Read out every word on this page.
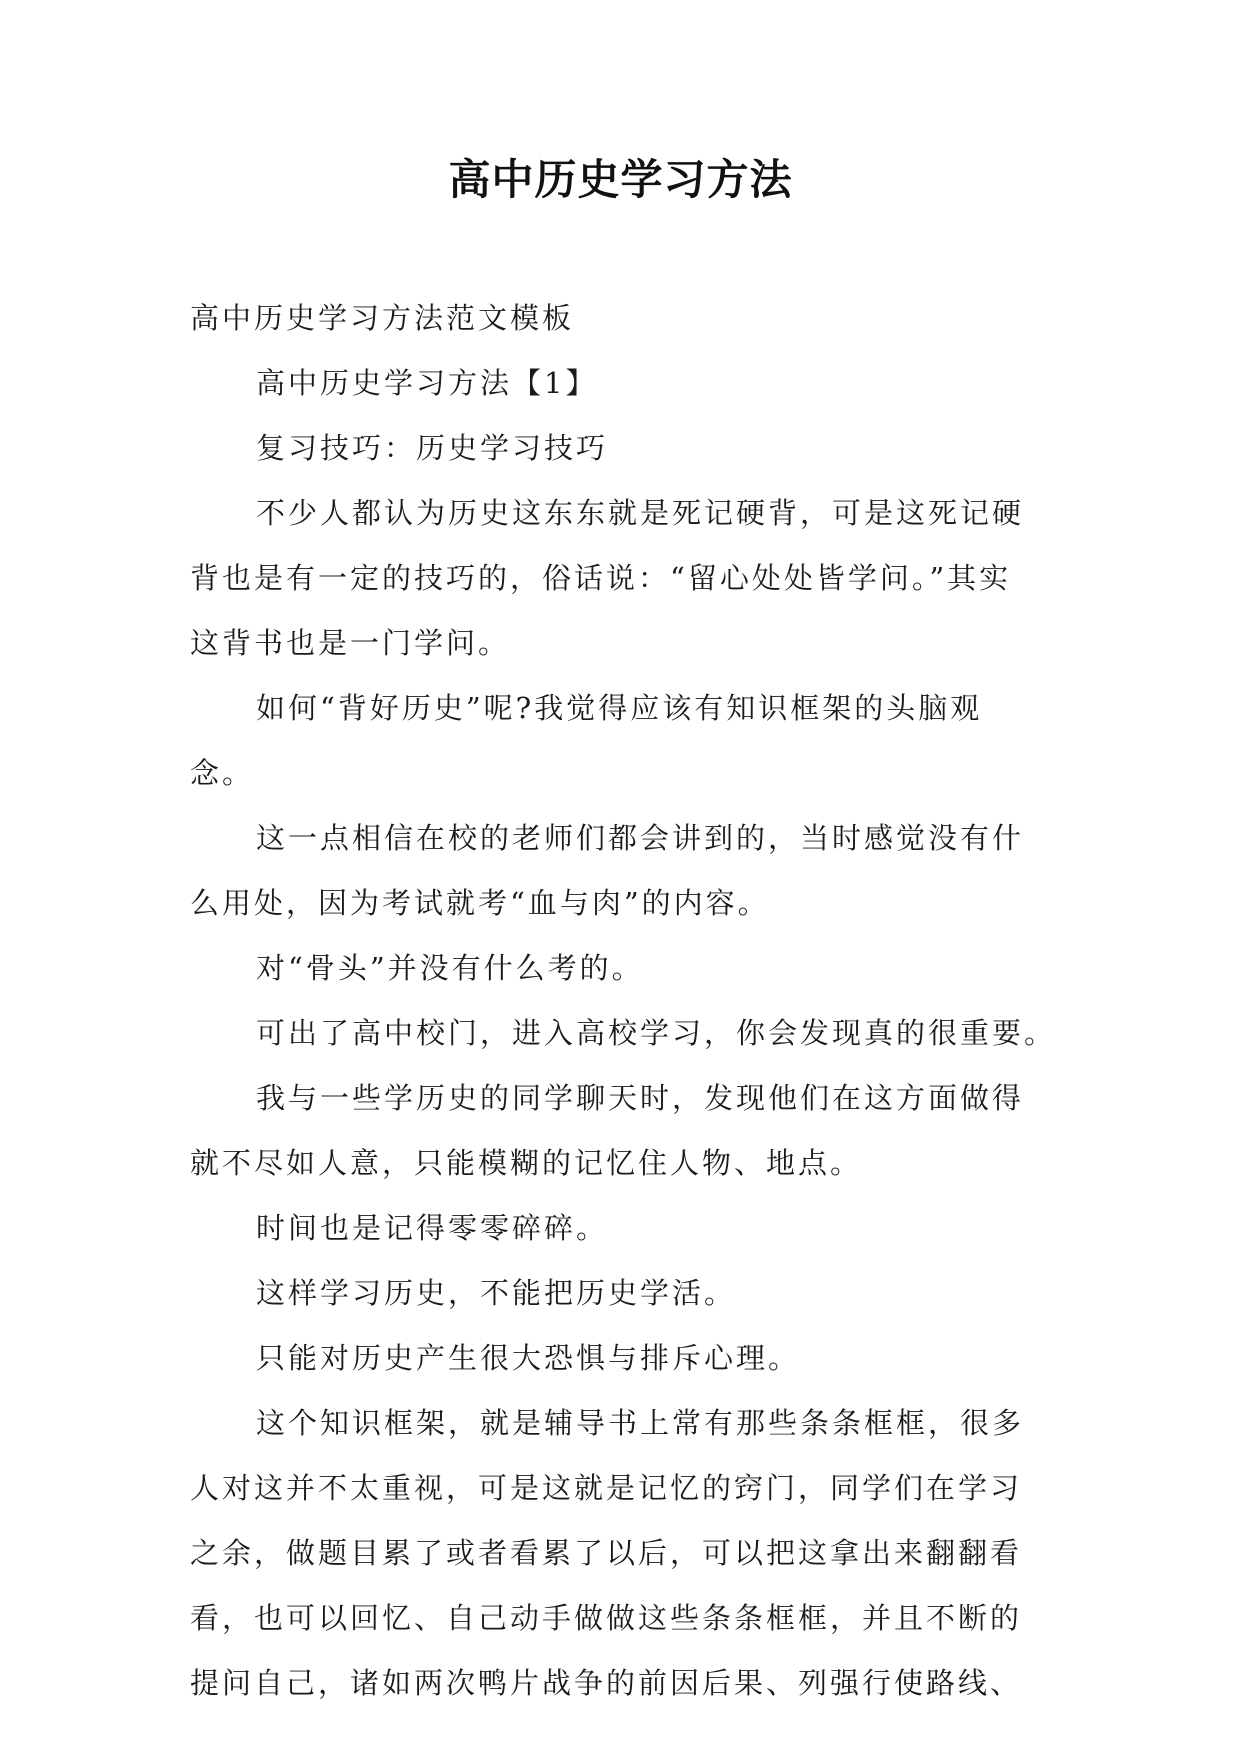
高中历史学习方法
高中历史学习方法范文模板
高中历史学习方法【1】
复习技巧：历史学习技巧
不少人都认为历史这东东就是死记硬背，可是这死记硬
背也是有一定的技巧的，俗话说：“留心处处皆学问。”其实
这背书也是一门学问。
如何“背好历史”呢?我觉得应该有知识框架的头脑观
念。
这一点相信在校的老师们都会讲到的，当时感觉没有什
么用处，因为考试就考“血与肉”的内容。
对“骨头”并没有什么考的。
可出了高中校门，进入高校学习，你会发现真的很重要。
我与一些学历史的同学聊天时，发现他们在这方面做得
就不尽如人意，只能模糊的记忆住人物、地点。
时间也是记得零零碎碎。
这样学习历史，不能把历史学活。
只能对历史产生很大恐惧与排斥心理。
这个知识框架，就是辅导书上常有那些条条框框，很多
人对这并不太重视，可是这就是记忆的窍门，同学们在学习
之余，做题目累了或者看累了以后，可以把这拿出来翻翻看
看，也可以回忆、自己动手做做这些条条框框，并且不断的
提问自己，诸如两次鸭片战争的前因后果、列强行使路线、
